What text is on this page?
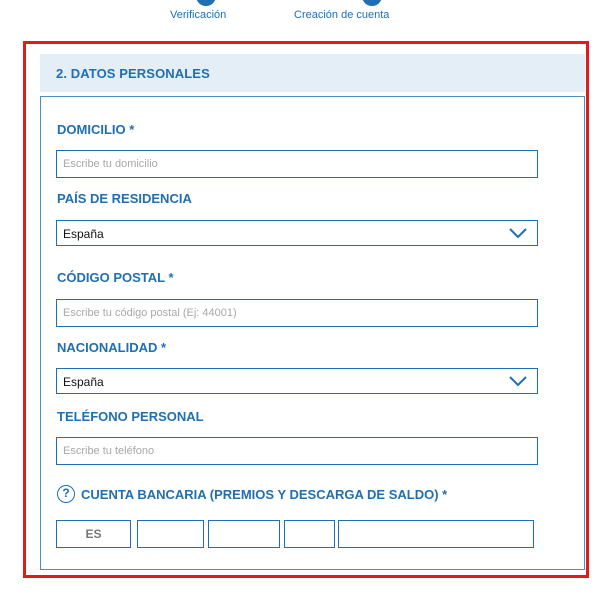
Verificación	Creación de cuenta
2. DATOS PERSONALES
DOMICILIO *
Escribe tu domicilio
PAÍS DE RESIDENCIA
España
CÓDIGO POSTAL *
Escribe tu código postal (Ej: 44001)
NACIONALIDAD *
España
TELÉFONO PERSONAL
Escribe tu teléfono
? CUENTA BANCARIA (PREMIOS Y DESCARGA DE SALDO) *
ES
